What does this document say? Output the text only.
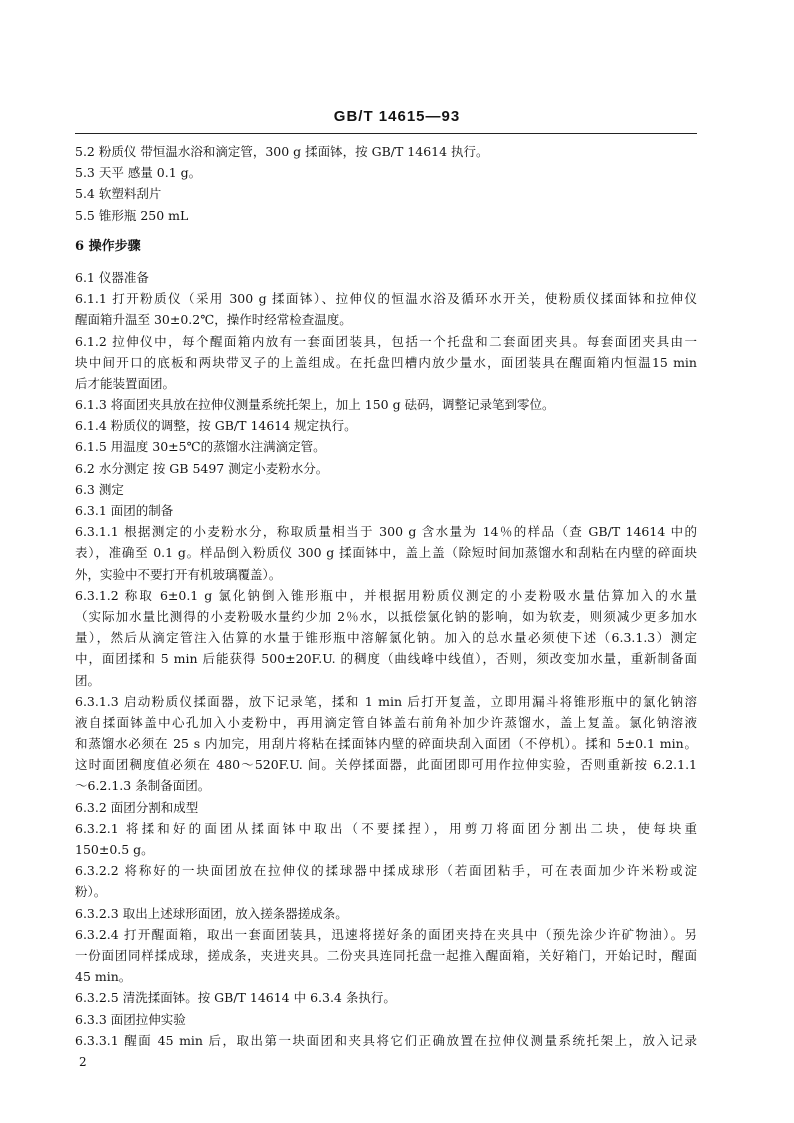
GB/T 14615—93
5.2 粉质仪 带恒温水浴和滴定管，300 g 揉面钵，按 GB/T 14614 执行。
5.3 天平 感量 0.1 g。
5.4 软塑料刮片
5.5 锥形瓶 250 mL
6 操作步骤
6.1 仪器准备
6.1.1 打开粉质仪（采用 300 g 揉面钵）、拉伸仪的恒温水浴及循环水开关，使粉质仪揉面钵和拉伸仪
醒面箱升温至 30±0.2℃，操作时经常检查温度。
6.1.2 拉伸仪中，每个醒面箱内放有一套面团装具，包括一个托盘和二套面团夹具。每套面团夹具由一
块中间开口的底板和两块带叉子的上盖组成。在托盘凹槽内放少量水，面团装具在醒面箱内恒温15 min
后才能装置面团。
6.1.3 将面团夹具放在拉伸仪测量系统托架上，加上 150 g 砝码，调整记录笔到零位。
6.1.4 粉质仪的调整，按 GB/T 14614 规定执行。
6.1.5 用温度 30±5℃的蒸馏水注满滴定管。
6.2 水分测定 按 GB 5497 测定小麦粉水分。
6.3 测定
6.3.1 面团的制备
6.3.1.1 根据测定的小麦粉水分，称取质量相当于 300 g 含水量为 14％的样品（查 GB/T 14614 中的
表），准确至 0.1 g。样品倒入粉质仪 300 g 揉面钵中，盖上盖（除短时间加蒸馏水和刮粘在内壁的碎面块
外，实验中不要打开有机玻璃覆盖）。
6.3.1.2 称取 6±0.1 g 氯化钠倒入锥形瓶中，并根据用粉质仪测定的小麦粉吸水量估算加入的水量
（实际加水量比测得的小麦粉吸水量约少加 2％水，以抵偿氯化钠的影响，如为软麦，则须减少更多加水
量），然后从滴定管注入估算的水量于锥形瓶中溶解氯化钠。加入的总水量必须使下述（6.3.1.3）测定
中，面团揉和 5 min 后能获得 500±20F.U. 的稠度（曲线峰中线值），否则，须改变加水量，重新制备面
团。
6.3.1.3 启动粉质仪揉面器，放下记录笔，揉和 1 min 后打开复盖，立即用漏斗将锥形瓶中的氯化钠溶
液自揉面钵盖中心孔加入小麦粉中，再用滴定管自钵盖右前角补加少许蒸馏水，盖上复盖。氯化钠溶液
和蒸馏水必须在 25 s 内加完，用刮片将粘在揉面钵内壁的碎面块刮入面团（不停机）。揉和 5±0.1 min。
这时面团稠度值必须在 480～520F.U. 间。关停揉面器，此面团即可用作拉伸实验，否则重新按 6.2.1.1
～6.2.1.3 条制备面团。
6.3.2 面团分割和成型
6.3.2.1 将揉和好的面团从揉面钵中取出（不要揉捏），用剪刀将面团分割出二块，使每块重
150±0.5 g。
6.3.2.2 将称好的一块面团放在拉伸仪的揉球器中揉成球形（若面团粘手，可在表面加少许米粉或淀
粉）。
6.3.2.3 取出上述球形面团，放入搓条器搓成条。
6.3.2.4 打开醒面箱，取出一套面团装具，迅速将搓好条的面团夹持在夹具中（预先涂少许矿物油）。另
一份面团同样揉成球，搓成条，夹进夹具。二份夹具连同托盘一起推入醒面箱，关好箱门，开始记时，醒面
45 min。
6.3.2.5 清洗揉面钵。按 GB/T 14614 中 6.3.4 条执行。
6.3.3 面团拉伸实验
6.3.3.1 醒面 45 min 后，取出第一块面团和夹具将它们正确放置在拉伸仪测量系统托架上，放入记录
2
